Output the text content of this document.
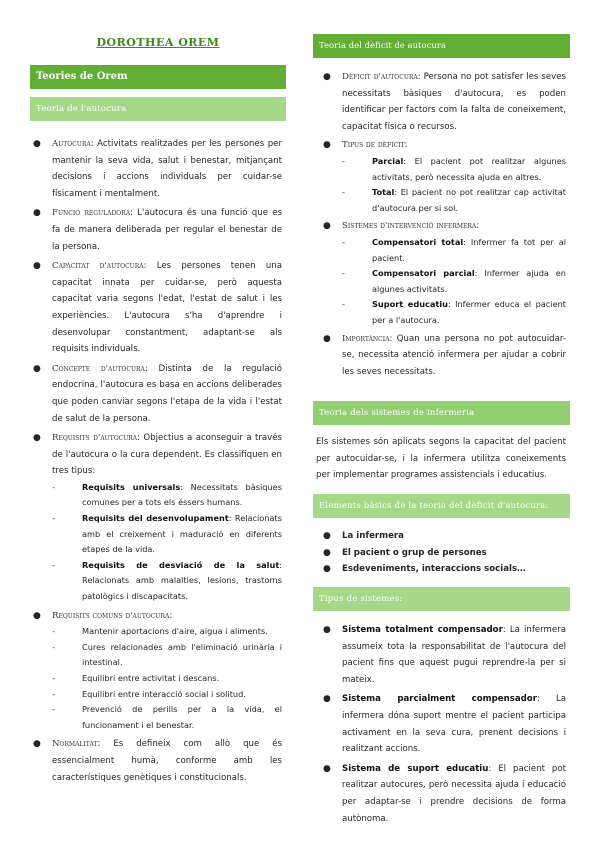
DOROTHEA OREM
Teories de Orem
Teoria de l'autocura

● Autocura: Activitats realitzades per les persones per mantenir la seva vida, salut i benestar, mitjançant decisions i accions individuals per cuidar-se físicament i mentalment.

● Funció reguladora: L'autocura és una funció que es fa de manera deliberada per regular el benestar de la persona.

● Capacitat d'autocura: Les persones tenen una capacitat innata per cuidar-se, però aquesta capacitat varia segons l'edat, l'estat de salut i les experiències. L'autocura s'ha d'aprendre i desenvolupar constantment, adaptant-se als requisits individuals.

● Concepte d'autocura: Distinta de la regulació endocrina, l'autocura es basa en accions deliberades que poden canviar segons l'etapa de la vida i l'estat de salut de la persona.

● Requisits d'autocura: Objectius a aconseguir a través de l'autocura o la cura dependent. Es classifiquen en tres tipus:

-	Requisits universals: Necessitats bàsiques comunes per a tots els éssers humans.

-	Requisits del desenvolupament: Relacionats amb el creixement i maduració en diferents etapes de la vida.

-	Requisits de desviació de la salut: Relacionats amb malalties, lesions, trastorns patològics i discapacitats.

● Requisits comuns d'autocura:

-	Mantenir aportacions d'aire, aigua i aliments.

-	Cures relacionades amb l'eliminació urinària i intestinal.

-	Equilibri entre activitat i descans.

-	Equilibri entre interacció social i solitud.

-	Prevenció de perills per a la vida, el funcionament i el benestar.

● Normalitat: Es defineix com allò que és essencialment humà, conforme amb les característiques genètiques i constitucionals.

Teoria del dèficit de autocura

● Dèficit d'autocura: Persona no pot satisfer les seves necessitats bàsiques d'autocura, es poden identificar per factors com la falta de coneixement, capacitat física o recursos.

● Tipus de dèficit:

-	Parcial: El pacient pot realitzar algunes activitats, però necessita ajuda en altres.

-	Total: El pacient no pot realitzar cap activitat d'autocura per si sol.

● Sistemes d'intervenció infermera:

-	Compensatori total: Infermer fa tot per al pacient.

-	Compensatori parcial: Infermer ajuda en algunes activitats.

-	Suport educatiu: Infermer educa el pacient per a l'autocura.

● Importància: Quan una persona no pot autocuidar-se, necessita atenció infermera per ajudar a cobrir les seves necessitats.

Teoria dels sistemes de infermeria
Els sistemes són aplicats segons la capacitat del pacient per autocuidar-se, i la infermera utilitza coneixements per implementar programes assistencials i educatius.
Elements bàsics de la teoria del dèficit d'autocura:

● La infermera

● El pacient o grup de persones

● Esdeveniments, interaccions socials…

Tipus de sistemes:

● Sistema totalment compensador: La infermera assumeix tota la responsabilitat de l'autocura del pacient fins que aquest pugui reprendre-la per si mateix.

● Sistema parcialment compensador: La infermera dóna suport mentre el pacient participa activament en la seva cura, prenent decisions i realitzant accions.

● Sistema de suport educatiu: El pacient pot realitzar autocures, però necessita ajuda i educació per adaptar-se i prendre decisions de forma autònoma.
